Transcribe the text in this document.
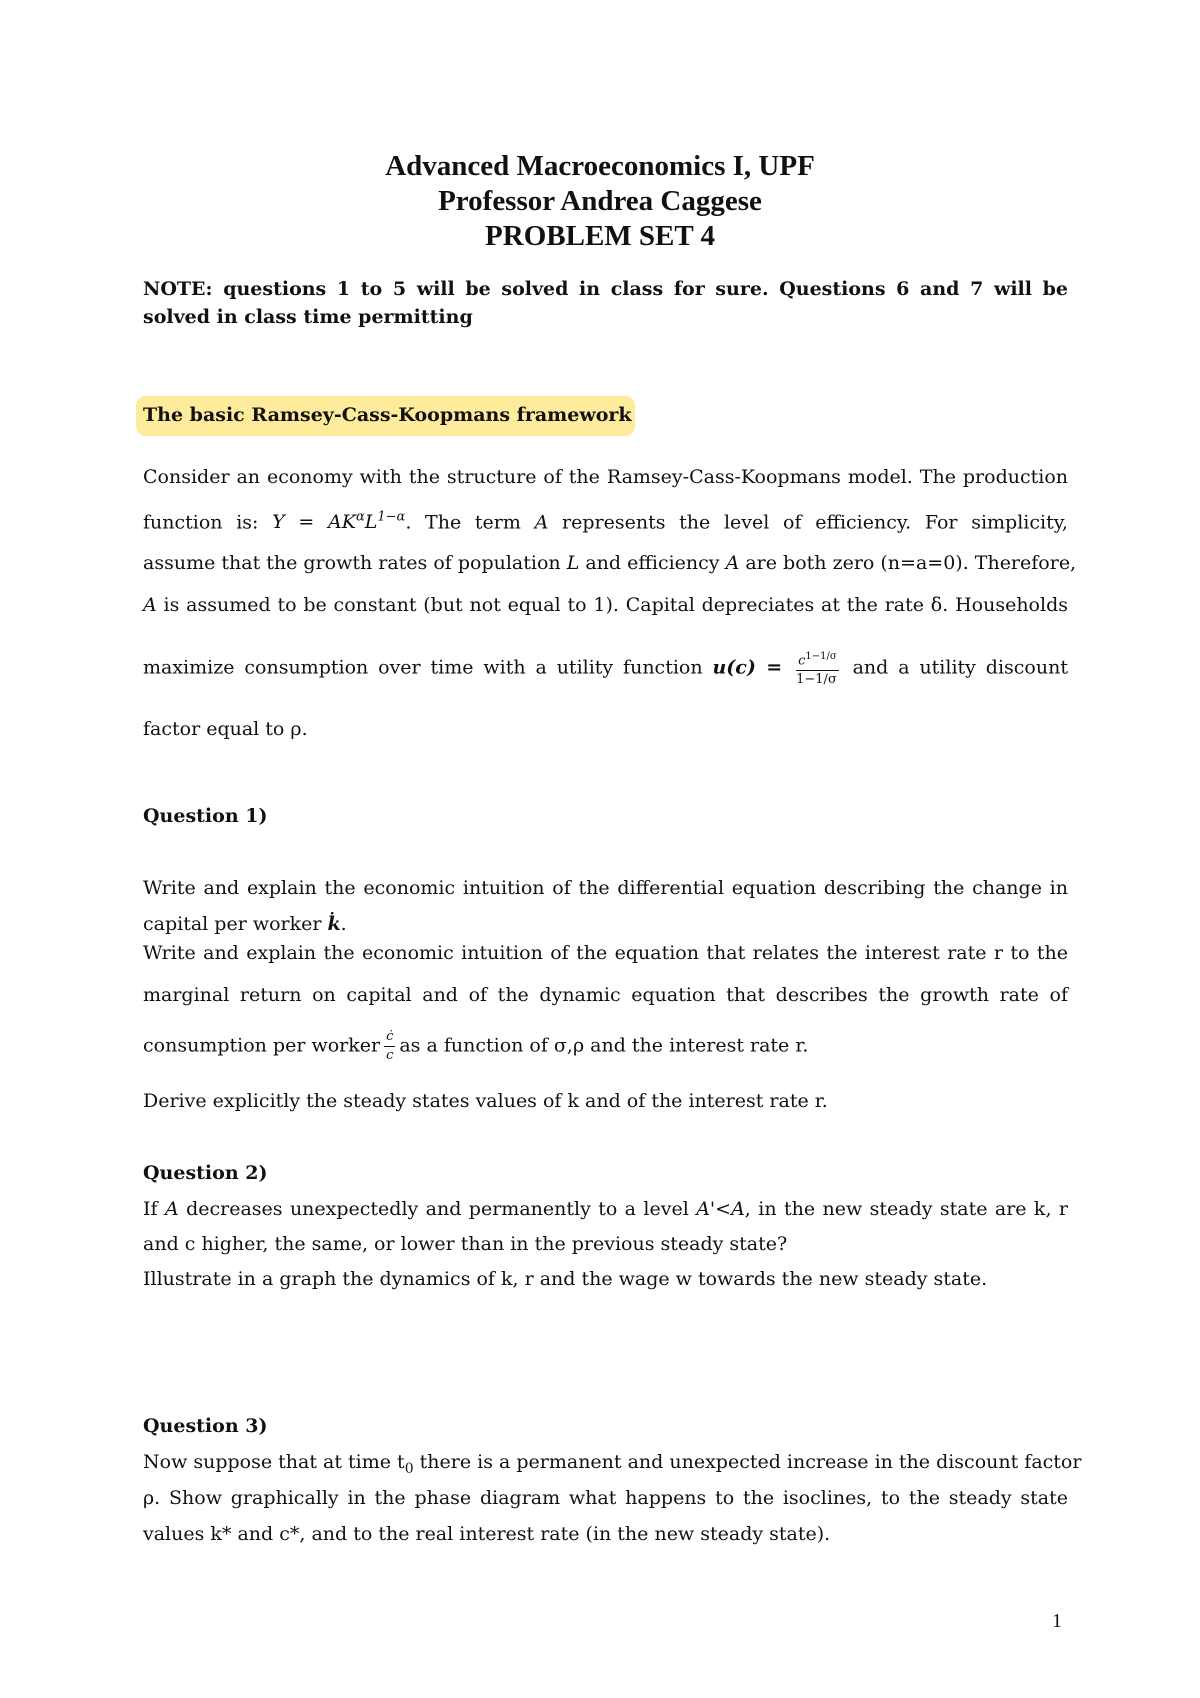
Advanced Macroeconomics I, UPF
Professor Andrea Caggese
PROBLEM SET 4
NOTE: questions 1 to 5 will be solved in class for sure. Questions 6 and 7 will be solved in class time permitting
The basic Ramsey-Cass-Koopmans framework
Consider an economy with the structure of the Ramsey-Cass-Koopmans model. The production
function is: $Y = AK^\alpha L^{1-\alpha}$. The term A represents the level of efficiency. For simplicity,
assume that the growth rates of population L and efficiency A are both zero (n=a=0). Therefore,
A is assumed to be constant (but not equal to 1). Capital depreciates at the rate δ. Households
maximize consumption over time with a utility function $u(c) = \frac{c^{1-1/\sigma}}{1-1/\sigma}$ and a utility discount
factor equal to ρ.
Question 1)
Write and explain the economic intuition of the differential equation describing the change in
capital per worker k̇.
Write and explain the economic intuition of the equation that relates the interest rate r to the
marginal return on capital and of the dynamic equation that describes the growth rate of
consumption per worker $\frac{ċ}{c}$ as a function of σ,ρ and the interest rate r.
Derive explicitly the steady states values of k and of the interest rate r.
Question 2)
If A decreases unexpectedly and permanently to a level A'<A, in the new steady state are k, r
and c higher, the same, or lower than in the previous steady state?
Illustrate in a graph the dynamics of k, r and the wage w towards the new steady state.
Question 3)
Now suppose that at time $t_0$ there is a permanent and unexpected increase in the discount factor
ρ. Show graphically in the phase diagram what happens to the isoclines, to the steady state
values k* and c*, and to the real interest rate (in the new steady state).
1
